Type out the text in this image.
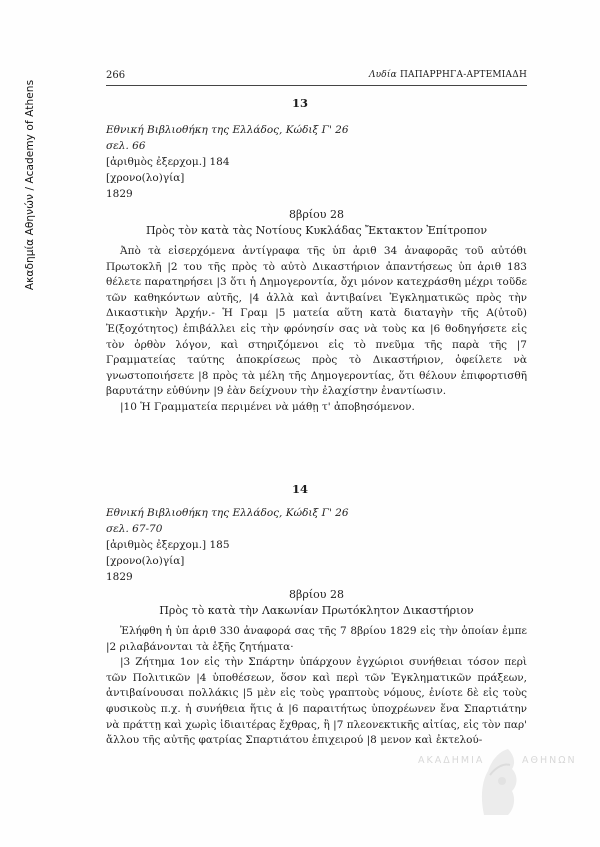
Ακαδημία Αθηνών / Academy of Athens
266	Λυδία ΠΑΠΑΡΡΗΓΑ-ΑΡΤΕΜΙΑΔΗ
13
Εθνική Βιβλιοθήκη της Ελλάδος, Κώδιξ Γ' 26
σελ. 66
[ἀριθμὸς ἐξερχομ.] 184
[χρονο(λο)γία]
1829
8βρίου 28
Πρὸς τὸν κατὰ τὰς Νοτίους Κυκλάδας Ἔκτακτον Ἐπίτροπον

Ἀπὸ τὰ εἰσερχόμενα ἀντίγραφα τῆς ὑπ ἀριθ 34 ἀναφορᾶς τοῦ αὐτόθι Πρωτοκλῆ |2 του τῆς πρὸς τὸ αὐτὸ Δικαστήριον ἀπαντήσεως ὑπ ἀριθ 183 θέλετε παρατηρήσει |3 ὅτι ἡ Δημογεροντία, ὄχι μόνον κατεχράσθη μέχρι τοῦδε τῶν καθηκόντων αὐτῆς, |4 ἀλλὰ καὶ ἀντιβαίνει Ἐγκληματικῶς πρὸς τὴν Δικαστικὴν Ἀρχήν.- Ἡ Γραμ |5 ματεία αὕτη κατὰ διαταγὴν τῆς Α(ὐτοῦ) Ἐ(ξοχότητος) ἐπιβάλλει εἰς τὴν φρόνησίν σας νὰ τοὺς κα |6 θοδηγήσετε εἰς τὸν ὀρθὸν λόγον, καὶ στηριζόμενοι εἰς τὸ πνεῦμα τῆς παρὰ τῆς |7 Γραμματείας ταύτης ἀποκρίσεως πρὸς τὸ Δικαστήριον, ὀφείλετε νὰ γνωστοποιήσετε |8 πρὸς τὰ μέλη τῆς Δημογεροντίας, ὅτι θέλουν ἐπιφορτισθῆ βαρυτάτην εὐθύνην |9 ἐὰν δείχνουν τὴν ἐλαχίστην ἐναντίωσιν.

|10 Ἡ Γραμματεία περιμένει νὰ μάθῃ τ' ἀποβησόμενον.

14
Εθνική Βιβλιοθήκη της Ελλάδος, Κώδιξ Γ' 26
σελ. 67-70
[ἀριθμὸς ἐξερχομ.] 185
[χρονο(λο)γία]
1829
8βρίου 28
Πρὸς τὸ κατὰ τὴν Λακωνίαν Πρωτόκλητον Δικαστήριον

Ἐλήφθη ἡ ὑπ ἀριθ 330 ἀναφορά σας τῆς 7 8βρίου 1829 εἰς τὴν ὁποίαν ἐμπε |2 ριλαβάνονται τὰ ἑξῆς ζητήματα·

|3 Ζήτημα 1ον εἰς τὴν Σπάρτην ὑπάρχουν ἐγχώριοι συνήθειαι τόσον περὶ τῶν Πολιτικῶν |4 ὑποθέσεων, ὅσον καὶ περὶ τῶν Ἐγκληματικῶν πράξεων, ἀντιβαίνουσαι πολλάκις |5 μὲν εἰς τοὺς γραπτοὺς νόμους, ἐνίοτε δὲ εἰς τοὺς φυσικοὺς π.χ. ἡ συνήθεια ἥτις ἀ |6 παραιτήτως ὑποχρέωνεν ἕνα Σπαρτιάτην νὰ πράττῃ καὶ χωρὶς ἰδιαιτέρας ἔχθρας, ἢ |7 πλεονεκτικῆς αἰτίας, εἰς τὸν παρ' ἄλλου τῆς αὐτῆς φατρίας Σπαρτιάτου ἐπιχειρού |8 μενον καὶ ἐκτελού-

ΑΚΑΔΗΜΙΑ	ΑΘΗΝΩΝ
